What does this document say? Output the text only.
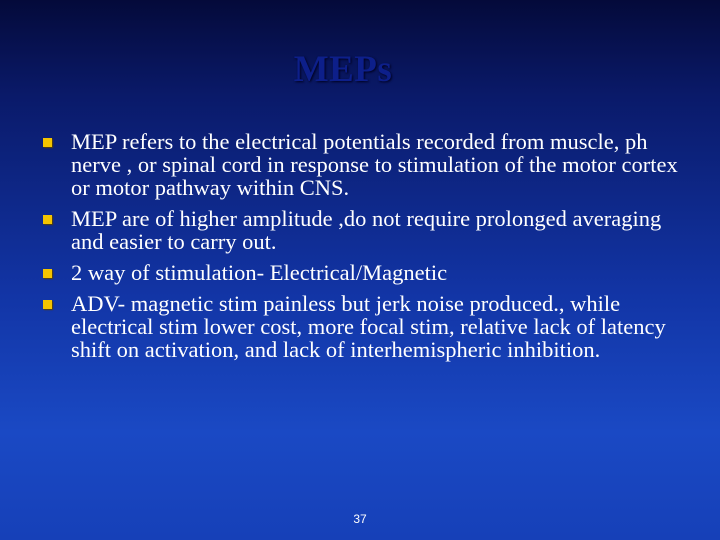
MEPs
MEP refers to the electrical potentials recorded from muscle, ph nerve , or spinal cord in response to stimulation of the motor cortex or motor pathway within CNS.
MEP are of higher amplitude ,do not require prolonged averaging and easier to carry out.
2 way of stimulation- Electrical/Magnetic
ADV- magnetic stim painless but jerk noise produced., while electrical stim lower cost, more focal stim, relative lack of latency shift on activation, and lack of interhemispheric inhibition.
37
